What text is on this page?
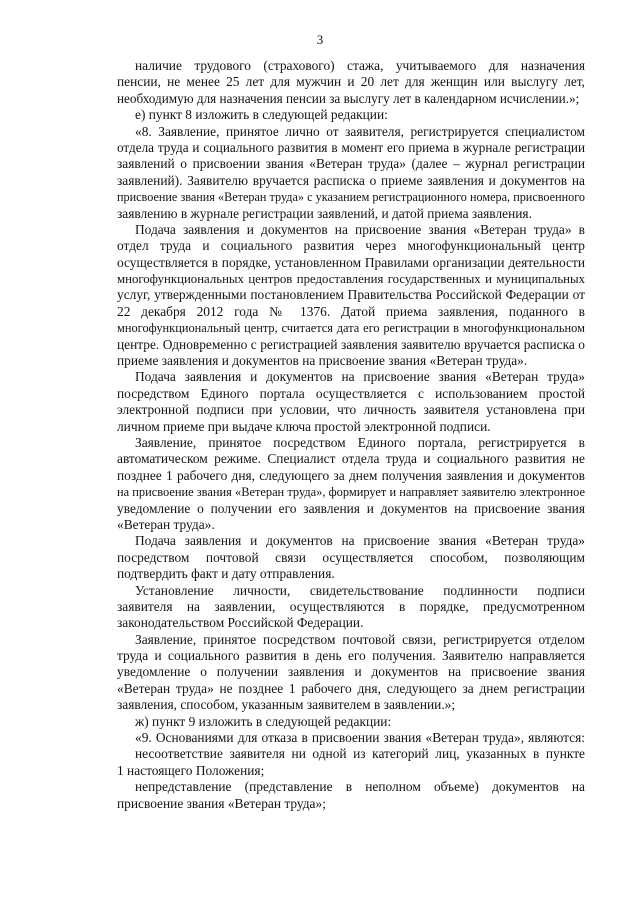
3
наличие трудового (страхового) стажа, учитываемого для назначения
пенсии, не менее 25 лет для мужчин и 20 лет для женщин или выслугу лет,
необходимую для назначения пенсии за выслугу лет в календарном исчислении.»;
е) пункт 8 изложить в следующей редакции:
«8. Заявление, принятое лично от заявителя, регистрируется специалистом
отдела труда и социального развития в момент его приема в журнале регистрации
заявлений о присвоении звания «Ветеран труда» (далее – журнал регистрации
заявлений). Заявителю вручается расписка о приеме заявления и документов на
присвоение звания «Ветеран труда» с указанием регистрационного номера, присвоенного
заявлению в журнале регистрации заявлений, и датой приема заявления.
Подача заявления и документов на присвоение звания «Ветеран труда» в
отдел труда и социального развития через многофункциональный центр
осуществляется в порядке, установленном Правилами организации деятельности
многофункциональных центров предоставления государственных и муниципальных
услуг, утвержденными постановлением Правительства Российской Федерации от
22 декабря 2012 года № 1376. Датой приема заявления, поданного в
многофункциональный центр, считается дата его регистрации в многофункциональном
центре. Одновременно с регистрацией заявления заявителю вручается расписка о
приеме заявления и документов на присвоение звания «Ветеран труда».
Подача заявления и документов на присвоение звания «Ветеран труда»
посредством Единого портала осуществляется с использованием простой
электронной подписи при условии, что личность заявителя установлена при
личном приеме при выдаче ключа простой электронной подписи.
Заявление, принятое посредством Единого портала, регистрируется в
автоматическом режиме. Специалист отдела труда и социального развития не
позднее 1 рабочего дня, следующего за днем получения заявления и документов
на присвоение звания «Ветеран труда», формирует и направляет заявителю электронное
уведомление о получении его заявления и документов на присвоение звания
«Ветеран труда».
Подача заявления и документов на присвоение звания «Ветеран труда»
посредством почтовой связи осуществляется способом, позволяющим
подтвердить факт и дату отправления.
Установление личности, свидетельствование подлинности подписи
заявителя на заявлении, осуществляются в порядке, предусмотренном
законодательством Российской Федерации.
Заявление, принятое посредством почтовой связи, регистрируется отделом
труда и социального развития в день его получения. Заявителю направляется
уведомление о получении заявления и документов на присвоение звания
«Ветеран труда» не позднее 1 рабочего дня, следующего за днем регистрации
заявления, способом, указанным заявителем в заявлении.»;
ж) пункт 9 изложить в следующей редакции:
«9. Основаниями для отказа в присвоении звания «Ветеран труда», являются:
несоответствие заявителя ни одной из категорий лиц, указанных в пункте
1 настоящего Положения;
непредставление (представление в неполном объеме) документов на
присвоение звания «Ветеран труда»;
